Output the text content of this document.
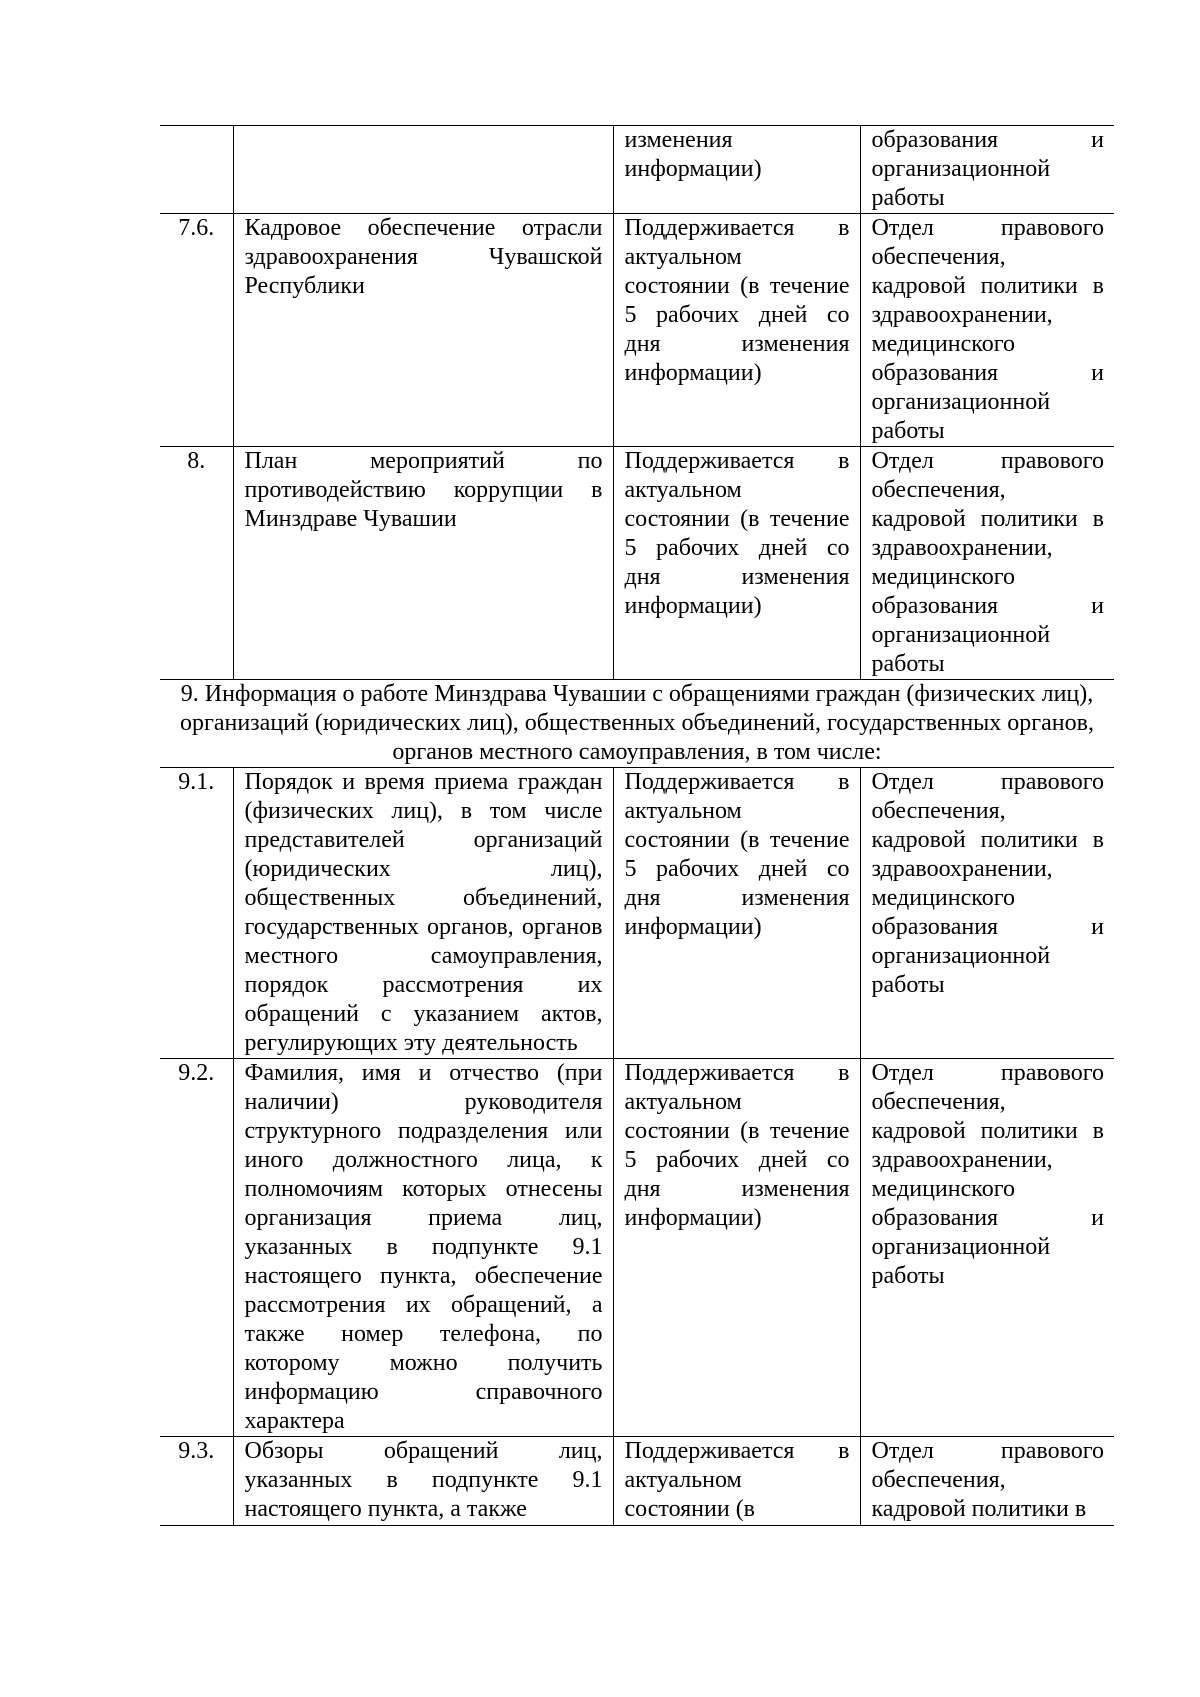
		изменения информации)	образования и организационной работы
7.6.	Кадровое обеспечение отрасли здравоохранения Чувашской Республики	Поддерживается в актуальном состоянии (в течение 5 рабочих дней со дня изменения информации)	Отдел правового обеспечения, кадровой политики в здравоохранении, медицинского образования и организационной работы
8.	План мероприятий по противодействию коррупции в Минздраве Чувашии	Поддерживается в актуальном состоянии (в течение 5 рабочих дней со дня изменения информации)	Отдел правового обеспечения, кадровой политики в здравоохранении, медицинского образования и организационной работы
9. Информация о работе Минздрава Чувашии с обращениями граждан (физических лиц), организаций (юридических лиц), общественных объединений, государственных органов, органов местного самоуправления, в том числе:			
9.1.	Порядок и время приема граждан (физических лиц), в том числе представителей организаций (юридических лиц), общественных объединений, государственных органов, органов местного самоуправления, порядок рассмотрения их обращений с указанием актов, регулирующих эту деятельность	Поддерживается в актуальном состоянии (в течение 5 рабочих дней со дня изменения информации)	Отдел правового обеспечения, кадровой политики в здравоохранении, медицинского образования и организационной работы
9.2.	Фамилия, имя и отчество (при наличии) руководителя структурного подразделения или иного должностного лица, к полномочиям которых отнесены организация приема лиц, указанных в подпункте 9.1 настоящего пункта, обеспечение рассмотрения их обращений, а также номер телефона, по которому можно получить информацию справочного характера	Поддерживается в актуальном состоянии (в течение 5 рабочих дней со дня изменения информации)	Отдел правового обеспечения, кадровой политики в здравоохранении, медицинского образования и организационной работы
9.3.	Обзоры обращений лиц, указанных в подпункте 9.1 настоящего пункта, а также	Поддерживается в актуальном состоянии (в	Отдел правового обеспечения, кадровой политики в
